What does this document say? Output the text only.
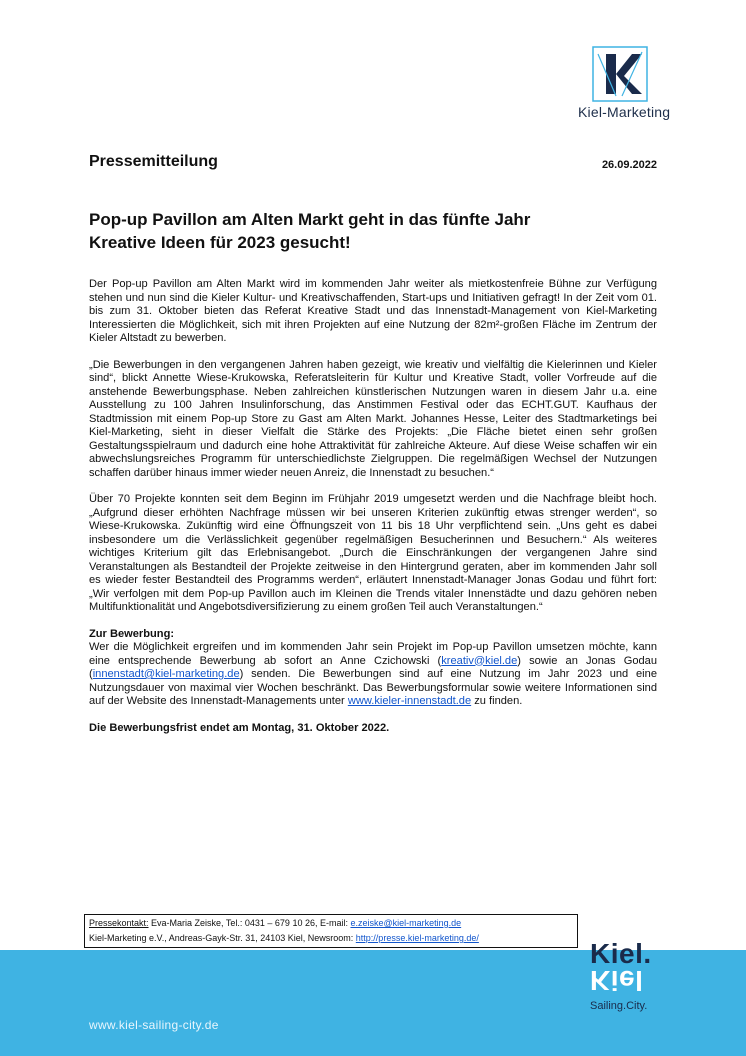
Kiel-Marketing
Pressemitteilung	26.09.2022
Pop-up Pavillon am Alten Markt geht in das fünfte Jahr
Kreative Ideen für 2023 gesucht!

Der Pop-up Pavillon am Alten Markt wird im kommenden Jahr weiter als mietkostenfreie Bühne zur Verfügung stehen und nun sind die Kieler Kultur- und Kreativschaffenden, Start-ups und Initiativen gefragt! In der Zeit vom 01. bis zum 31. Oktober bieten das Referat Kreative Stadt und das Innenstadt-Management von Kiel-Marketing Interessierten die Möglichkeit, sich mit ihren Projekten auf eine Nutzung der 82m²-großen Fläche im Zentrum der Kieler Altstadt zu bewerben.

„Die Bewerbungen in den vergangenen Jahren haben gezeigt, wie kreativ und vielfältig die Kielerinnen und Kieler sind“, blickt Annette Wiese-Krukowska, Referatsleiterin für Kultur und Kreative Stadt, voller Vorfreude auf die anstehende Bewerbungsphase. Neben zahlreichen künstlerischen Nutzungen waren in diesem Jahr u.a. eine Ausstellung zu 100 Jahren Insulinforschung, das Anstimmen Festival oder das ECHT.GUT. Kaufhaus der Stadtmission mit einem Pop-up Store zu Gast am Alten Markt. Johannes Hesse, Leiter des Stadtmarketings bei Kiel-Marketing, sieht in dieser Vielfalt die Stärke des Projekts: „Die Fläche bietet einen sehr großen Gestaltungsspielraum und dadurch eine hohe Attraktivität für zahlreiche Akteure. Auf diese Weise schaffen wir ein abwechslungsreiches Programm für unterschiedlichste Zielgruppen. Die regelmäßigen Wechsel der Nutzungen schaffen darüber hinaus immer wieder neuen Anreiz, die Innenstadt zu besuchen.“

Über 70 Projekte konnten seit dem Beginn im Frühjahr 2019 umgesetzt werden und die Nachfrage bleibt hoch. „Aufgrund dieser erhöhten Nachfrage müssen wir bei unseren Kriterien zukünftig etwas strenger werden“, so Wiese-Krukowska. Zukünftig wird eine Öffnungszeit von 11 bis 18 Uhr verpflichtend sein. „Uns geht es dabei insbesondere um die Verlässlichkeit gegenüber regelmäßigen Besucherinnen und Besuchern.“ Als weiteres wichtiges Kriterium gilt das Erlebnisangebot. „Durch die Einschränkungen der vergangenen Jahre sind Veranstaltungen als Bestandteil der Projekte zeitweise in den Hintergrund geraten, aber im kommenden Jahr soll es wieder fester Bestandteil des Programms werden“, erläutert Innenstadt-Manager Jonas Godau und führt fort: „Wir verfolgen mit dem Pop-up Pavillon auch im Kleinen die Trends vitaler Innenstädte und dazu gehören neben Multifunktionalität und Angebotsdiversifizierung zu einem großen Teil auch Veranstaltungen.“

Zur Bewerbung:

Wer die Möglichkeit ergreifen und im kommenden Jahr sein Projekt im Pop-up Pavillon umsetzen möchte, kann eine entsprechende Bewerbung ab sofort an Anne Czichowski (kreativ@kiel.de) sowie an Jonas Godau (innenstadt@kiel-marketing.de) senden. Die Bewerbungen sind auf eine Nutzung im Jahr 2023 und eine Nutzungsdauer von maximal vier Wochen beschränkt. Das Bewerbungsformular sowie weitere Informationen sind auf der Website des Innenstadt-Managements unter www.kieler-innenstadt.de zu finden.

Die Bewerbungsfrist endet am Montag, 31. Oktober 2022.

Pressekontakt: Eva-Maria Zeiske, Tel.: 0431 – 679 10 26, E-mail: e.zeiske@kiel-marketing.de
Kiel-Marketing e.V., Andreas-Gayk-Str. 31, 24103 Kiel, Newsroom: http://presse.kiel-marketing.de/
www.kiel-sailing-city.de
Kiel.
Kiel
Sailing.City.
